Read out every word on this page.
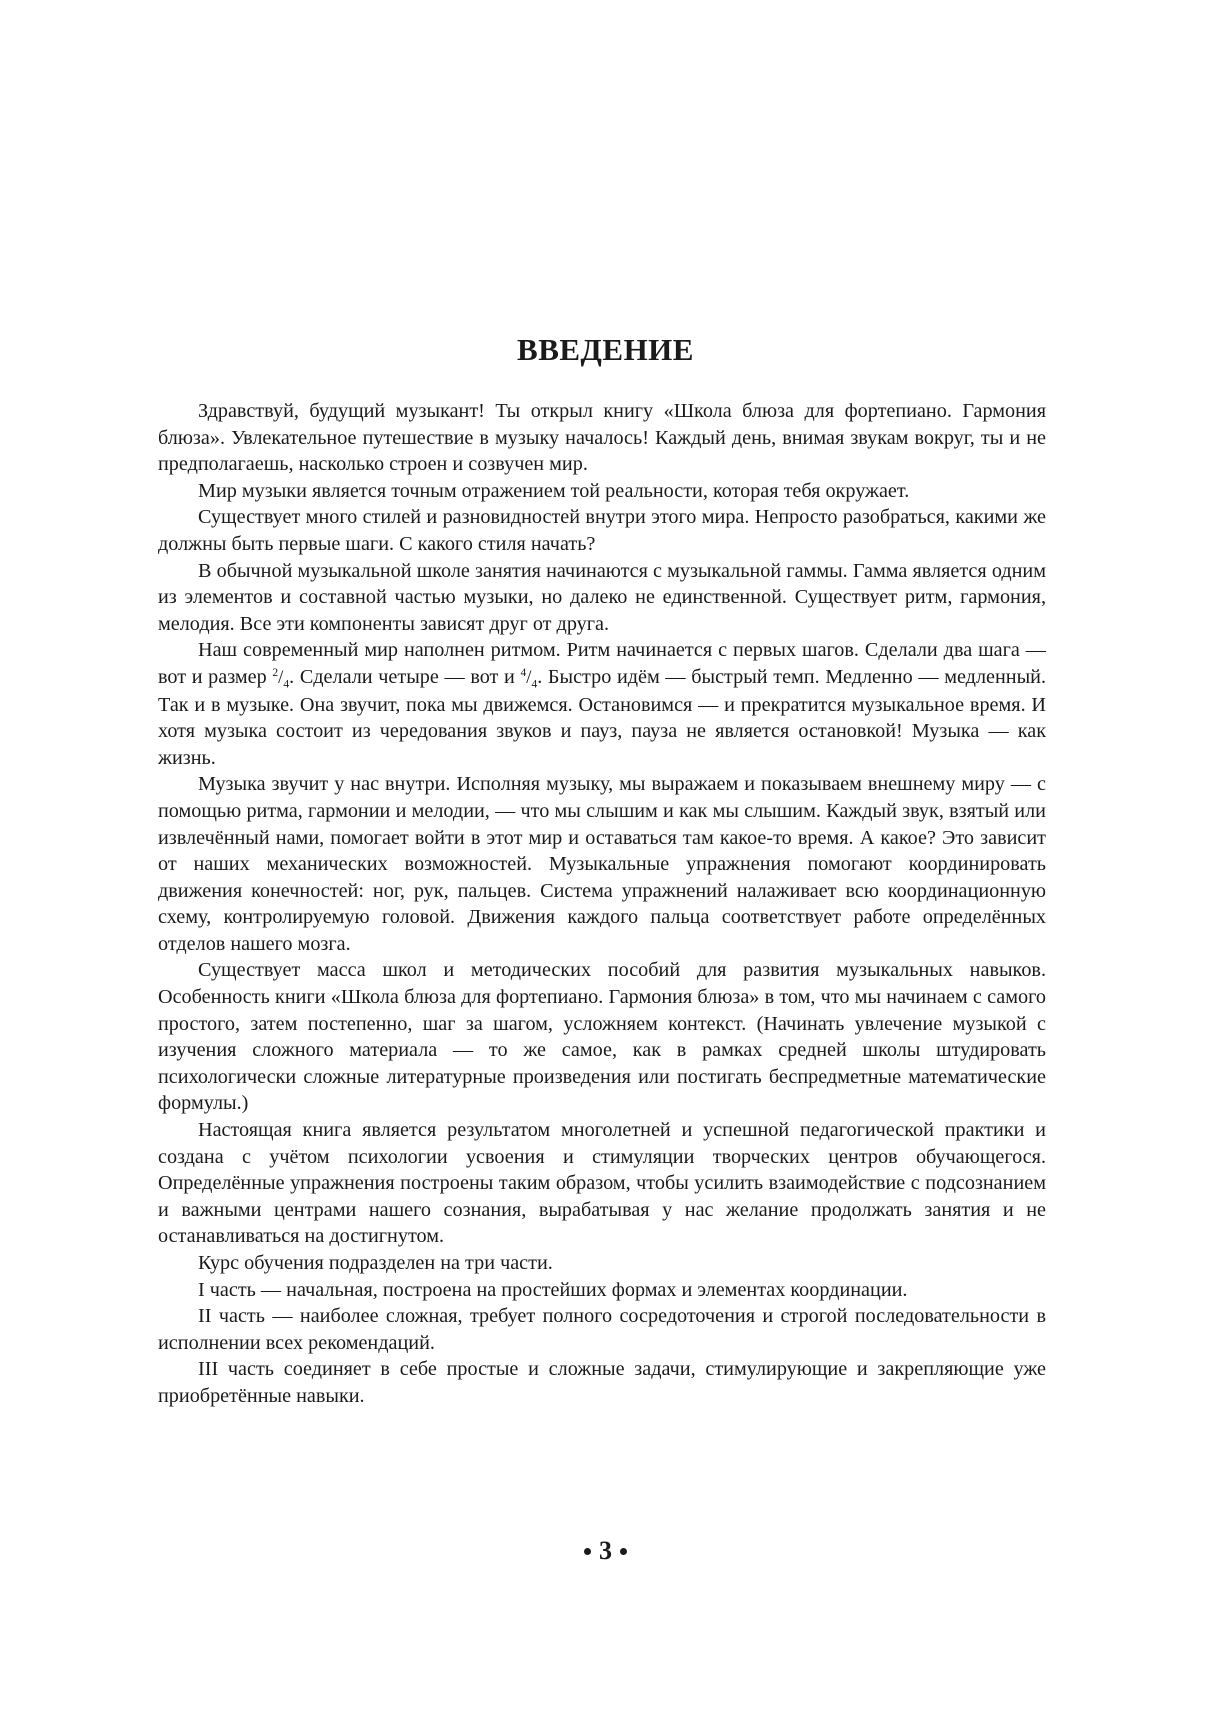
ВВЕДЕНИЕ

Здравствуй, будущий музыкант! Ты открыл книгу «Школа блюза для фортепиано. Гармония блюза». Увлекательное путешествие в музыку началось! Каждый день, внимая звукам вокруг, ты и не предполагаешь, насколько строен и созвучен мир.

Мир музыки является точным отражением той реальности, которая тебя окружает.

Существует много стилей и разновидностей внутри этого мира. Непросто разобраться, какими же должны быть первые шаги. С какого стиля начать?

В обычной музыкальной школе занятия начинаются с музыкальной гаммы. Гамма является одним из элементов и составной частью музыки, но далеко не единственной. Существует ритм, гармония, мелодия. Все эти компоненты зависят друг от друга.

Наш современный мир наполнен ритмом. Ритм начинается с первых шагов. Сделали два шага — вот и размер $^2/_4$. Сделали четыре — вот и $^4/_4$. Быстро идём — быстрый темп. Медленно — медленный. Так и в музыке. Она звучит, пока мы движемся. Остановимся — и прекратится музыкальное время. И хотя музыка состоит из чередования звуков и пауз, пауза не является остановкой! Музыка — как жизнь.

Музыка звучит у нас внутри. Исполняя музыку, мы выражаем и показываем внешнему миру — с помощью ритма, гармонии и мелодии, — что мы слышим и как мы слышим. Каждый звук, взятый или извлечённый нами, помогает войти в этот мир и оставаться там какое-то время. А какое? Это зависит от наших механических возможностей. Музыкальные упражнения помогают координировать движения конечностей: ног, рук, пальцев. Система упражнений налаживает всю координационную схему, контролируемую головой. Движения каждого пальца соответствует работе определённых отделов нашего мозга.

Существует масса школ и методических пособий для развития музыкальных навыков. Особенность книги «Школа блюза для фортепиано. Гармония блюза» в том, что мы начинаем с самого простого, затем постепенно, шаг за шагом, усложняем контекст. (Начинать увлечение музыкой с изучения сложного материала — то же самое, как в рамках средней школы штудировать психологически сложные литературные произведения или постигать беспредметные математические формулы.)

Настоящая книга является результатом многолетней и успешной педагогической практики и создана с учётом психологии усвоения и стимуляции творческих центров обучающегося. Определённые упражнения построены таким образом, чтобы усилить взаимодействие с подсознанием и важными центрами нашего сознания, вырабатывая у нас желание продолжать занятия и не останавливаться на достигнутом.

Курс обучения подразделен на три части.

I часть — начальная, построена на простейших формах и элементах координации.

II часть — наиболее сложная, требует полного сосредоточения и строгой последовательности в исполнении всех рекомендаций.

III часть соединяет в себе простые и сложные задачи, стимулирующие и закрепляющие уже приобретённые навыки.

3
